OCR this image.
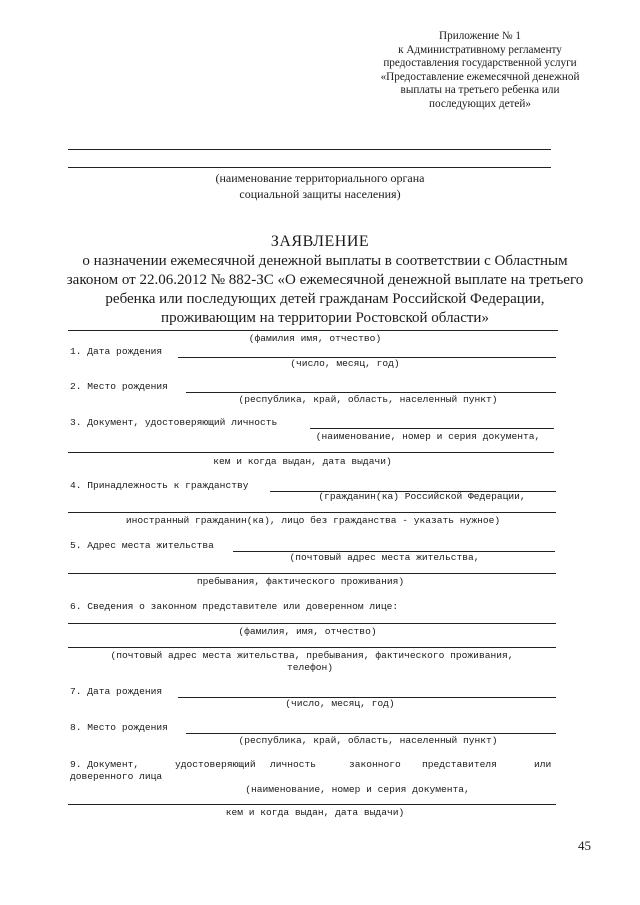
Приложение № 1
к Административному регламенту
предоставления государственной услуги
«Предоставление ежемесячной денежной
выплаты на третьего ребенка или
последующих детей»
(наименование территориального органа
социальной защиты населения)
ЗАЯВЛЕНИЕ
о назначении ежемесячной денежной выплаты в соответствии с Областным
законом от 22.06.2012 № 882-ЗС «О ежемесячной денежной выплате на третьего
ребенка или последующих детей гражданам Российской Федерации,
проживающим на территории Ростовской области»
(фамилия имя, отчество)
1. Дата рождения
(число, месяц, год)
2. Место рождения
(республика, край, область, населенный пункт)
3. Документ, удостоверяющий личность
(наименование, номер и серия документа,
кем и когда выдан, дата выдачи)
4. Принадлежность к гражданству
(гражданин(ка) Российской Федерации,
иностранный гражданин(ка), лицо без гражданства - указать нужное)
5. Адрес места жительства
(почтовый адрес места жительства,
пребывания, фактического проживания)
6. Сведения о законном представителе или доверенном лице:
(фамилия, имя, отчество)
(почтовый адрес места жительства, пребывания, фактического проживания,
телефон)
7. Дата рождения
(число, месяц, год)
8. Место рождения
(республика, край, область, населенный пункт)
9. Документ,	удостоверяющий личность	законного представителя	или
доверенного лица
(наименование, номер и серия документа,
кем и когда выдан, дата выдачи)
45
